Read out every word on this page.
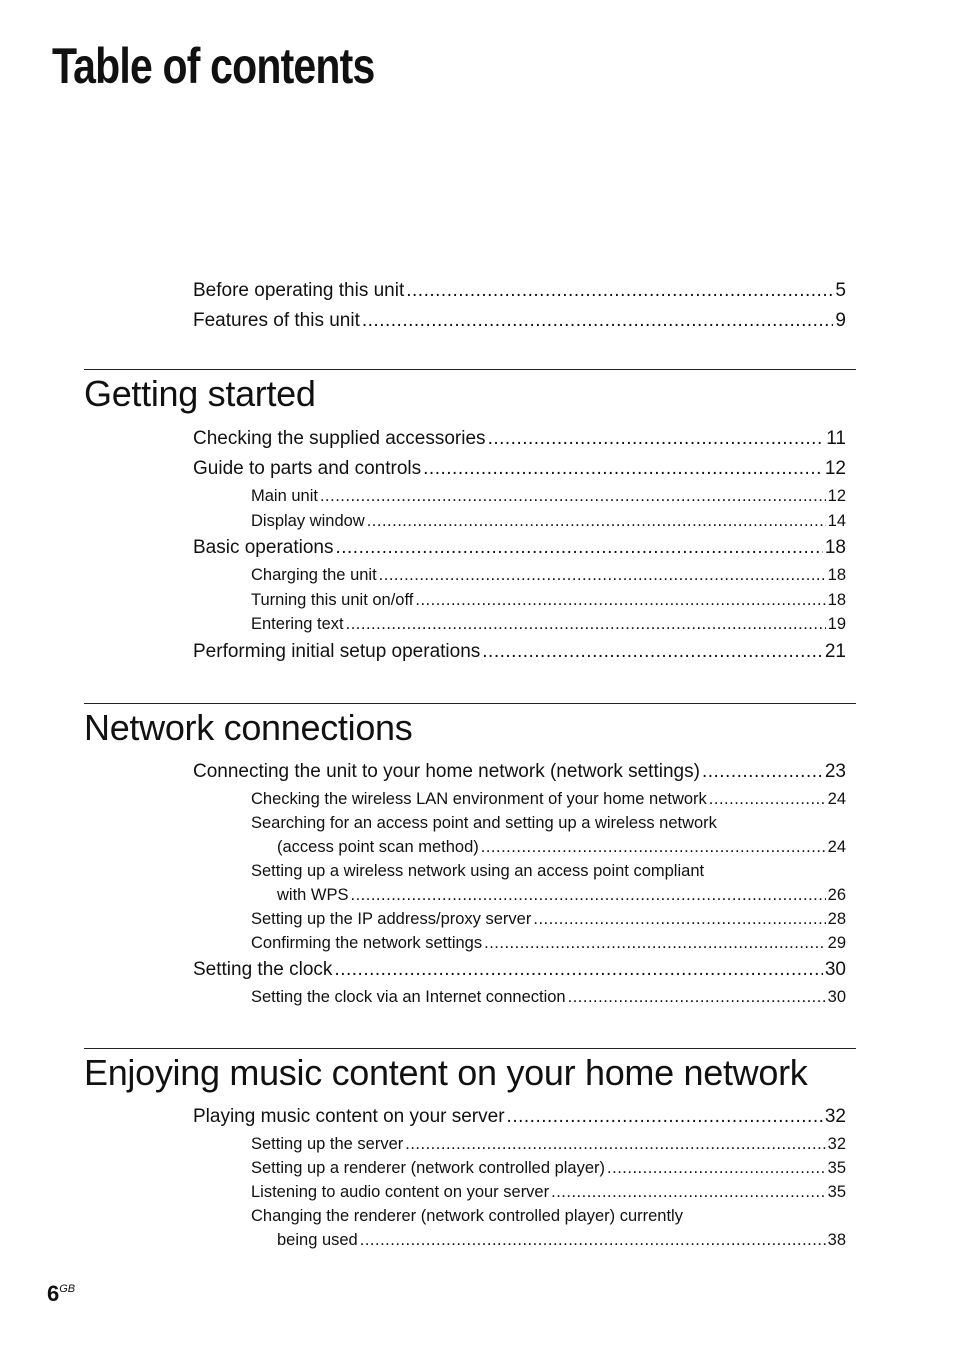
Table of contents
Before operating this unit .....	5
Features of this unit .....	9
Getting started
Checking the supplied accessories .....	11
Guide to parts and controls .....	12
Main unit .....	12
Display window .....	14
Basic operations .....	18
Charging the unit .....	18
Turning this unit on/off .....	18
Entering text .....	19
Performing initial setup operations .....	21
Network connections
Connecting the unit to your home network (network settings) .....	23
Checking the wireless LAN environment of your home network .....	24
Searching for an access point and setting up a wireless network
(access point scan method) .....	24
Setting up a wireless network using an access point compliant
with WPS .....	26
Setting up the IP address/proxy server .....	28
Confirming the network settings .....	29
Setting the clock .....	30
Setting the clock via an Internet connection .....	30
Enjoying music content on your home network
Playing music content on your server .....	32
Setting up the server .....	32
Setting up a renderer (network controlled player) .....	35
Listening to audio content on your server .....	35
Changing the renderer (network controlled player) currently
being used .....	38
$6^{GB}$
